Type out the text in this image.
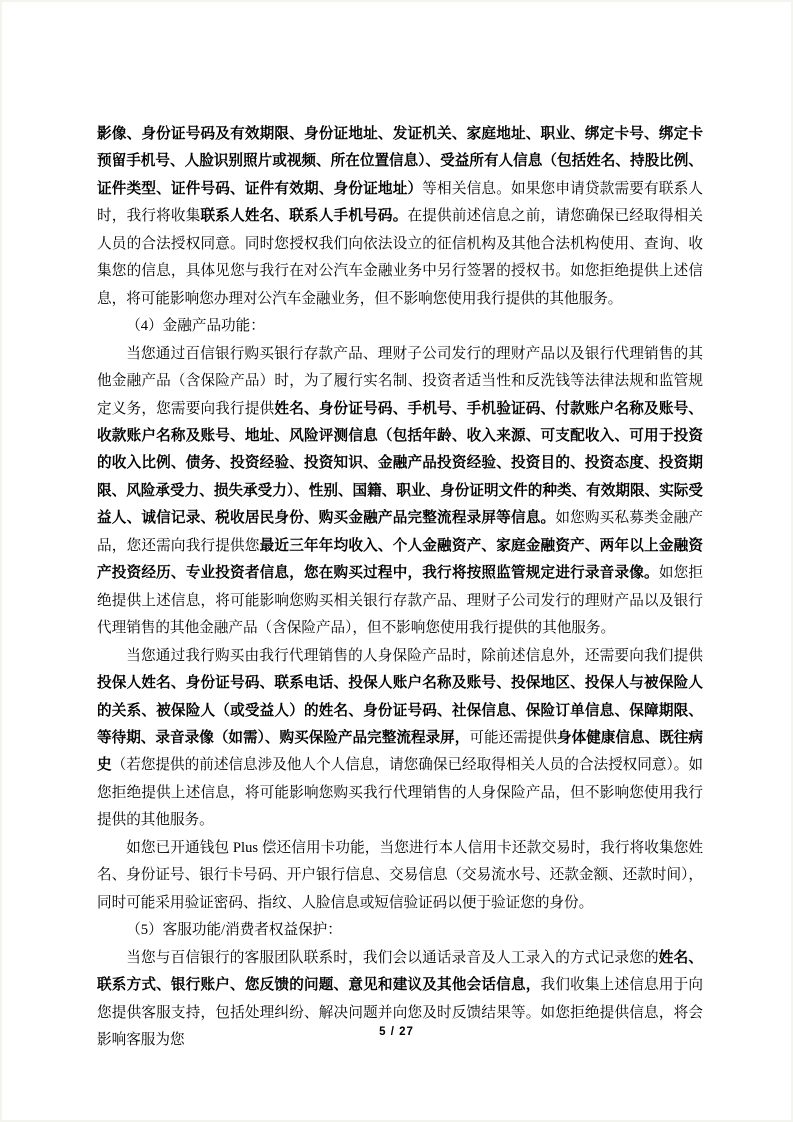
影像、身份证号码及有效期限、身份证地址、发证机关、家庭地址、职业、绑定卡号、绑定卡预留手机号、人脸识别照片或视频、所在位置信息）、受益所有人信息（包括姓名、持股比例、证件类型、证件号码、证件有效期、身份证地址）等相关信息。如果您申请贷款需要有联系人时，我行将收集联系人姓名、联系人手机号码。在提供前述信息之前，请您确保已经取得相关人员的合法授权同意。同时您授权我们向依法设立的征信机构及其他合法机构使用、查询、收集您的信息，具体见您与我行在对公汽车金融业务中另行签署的授权书。如您拒绝提供上述信息，将可能影响您办理对公汽车金融业务，但不影响您使用我行提供的其他服务。

（4）金融产品功能：

当您通过百信银行购买银行存款产品、理财子公司发行的理财产品以及银行代理销售的其他金融产品（含保险产品）时，为了履行实名制、投资者适当性和反洗钱等法律法规和监管规定义务，您需要向我行提供姓名、身份证号码、手机号、手机验证码、付款账户名称及账号、收款账户名称及账号、地址、风险评测信息（包括年龄、收入来源、可支配收入、可用于投资的收入比例、债务、投资经验、投资知识、金融产品投资经验、投资目的、投资态度、投资期限、风险承受力、损失承受力）、性别、国籍、职业、身份证明文件的种类、有效期限、实际受益人、诚信记录、税收居民身份、购买金融产品完整流程录屏等信息。如您购买私募类金融产品，您还需向我行提供您最近三年年均收入、个人金融资产、家庭金融资产、两年以上金融资产投资经历、专业投资者信息，您在购买过程中，我行将按照监管规定进行录音录像。如您拒绝提供上述信息，将可能影响您购买相关银行存款产品、理财子公司发行的理财产品以及银行代理销售的其他金融产品（含保险产品），但不影响您使用我行提供的其他服务。

当您通过我行购买由我行代理销售的人身保险产品时，除前述信息外，还需要向我们提供投保人姓名、身份证号码、联系电话、投保人账户名称及账号、投保地区、投保人与被保险人的关系、被保险人（或受益人）的姓名、身份证号码、社保信息、保险订单信息、保障期限、等待期、录音录像（如需）、购买保险产品完整流程录屏，可能还需提供身体健康信息、既往病史（若您提供的前述信息涉及他人个人信息，请您确保已经取得相关人员的合法授权同意）。如您拒绝提供上述信息，将可能影响您购买我行代理销售的人身保险产品，但不影响您使用我行提供的其他服务。

如您已开通钱包 Plus 偿还信用卡功能，当您进行本人信用卡还款交易时，我行将收集您姓名、身份证号、银行卡号码、开户银行信息、交易信息（交易流水号、还款金额、还款时间），同时可能采用验证密码、指纹、人脸信息或短信验证码以便于验证您的身份。

（5）客服功能/消费者权益保护：

当您与百信银行的客服团队联系时，我们会以通话录音及人工录入的方式记录您的姓名、联系方式、银行账户、您反馈的问题、意见和建议及其他会话信息，我们收集上述信息用于向您提供客服支持，包括处理纠纷、解决问题并向您及时反馈结果等。如您拒绝提供信息，将会影响客服为您	5 / 27
